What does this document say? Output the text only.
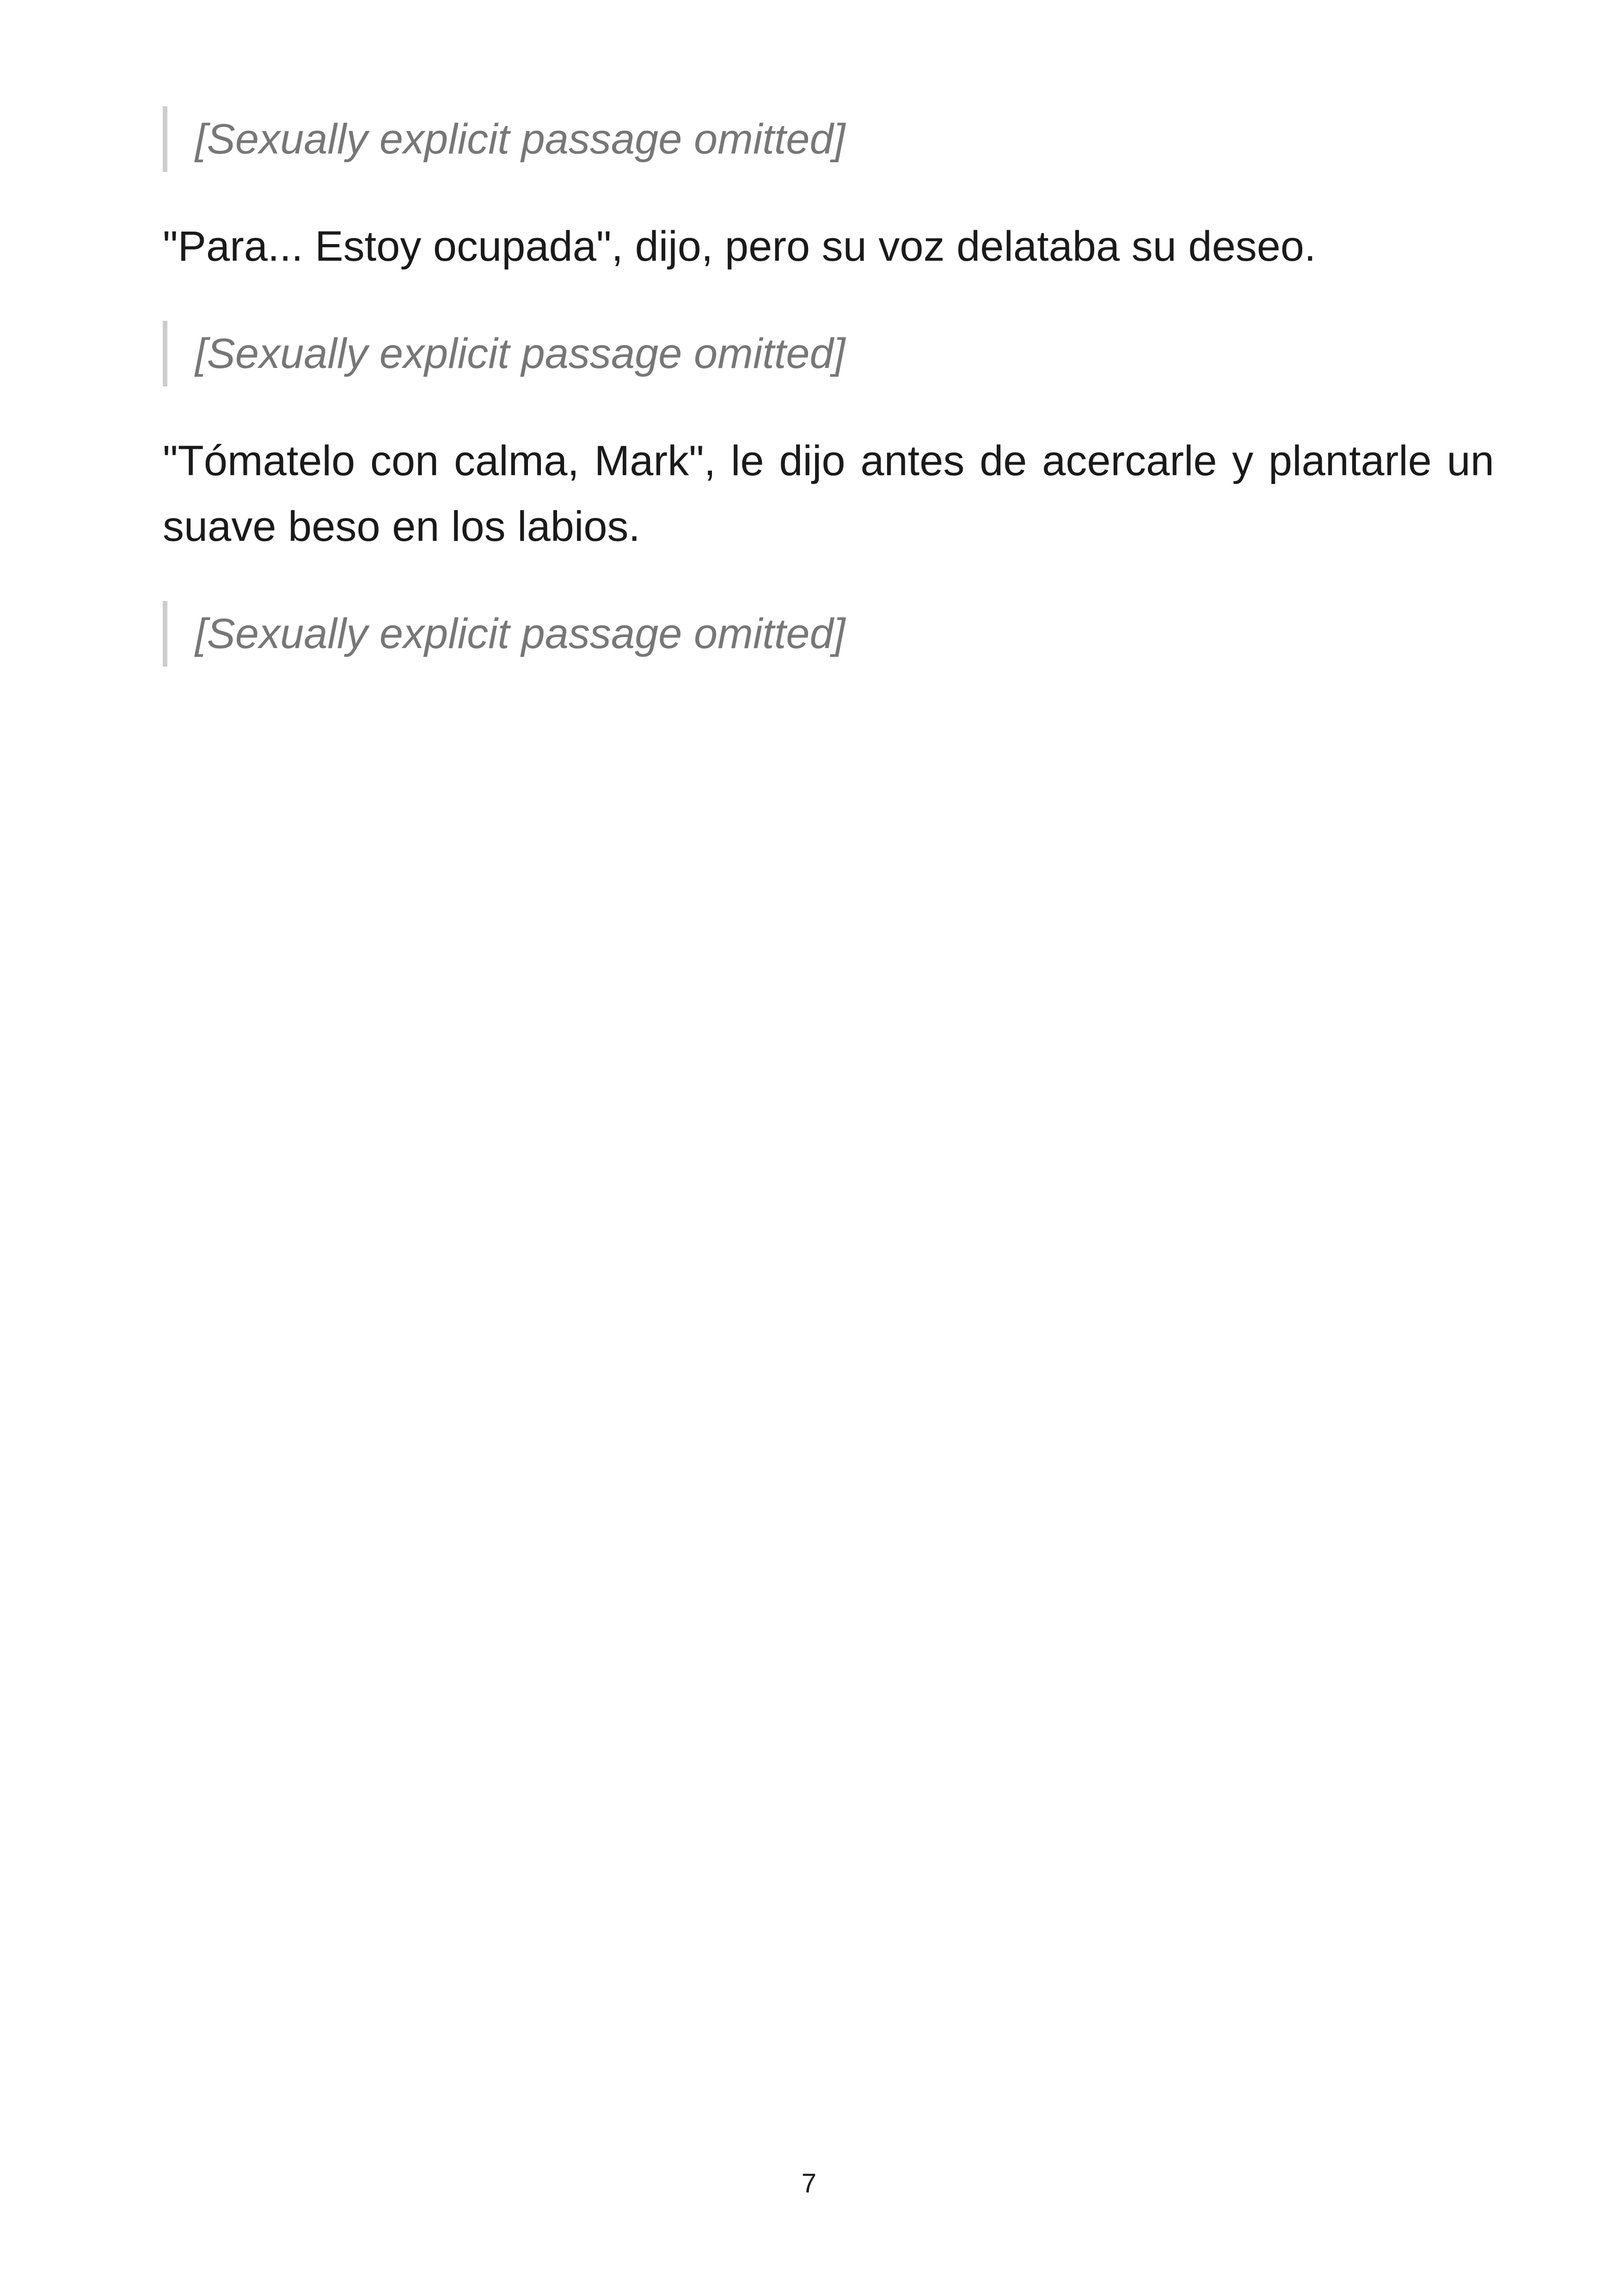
[Sexually explicit passage omitted]

"Para... Estoy ocupada", dijo, pero su voz delataba su deseo.

[Sexually explicit passage omitted]

"Tómatelo con calma, Mark", le dijo antes de acercarle y plantarle un suave beso en los labios.

[Sexually explicit passage omitted]

7
